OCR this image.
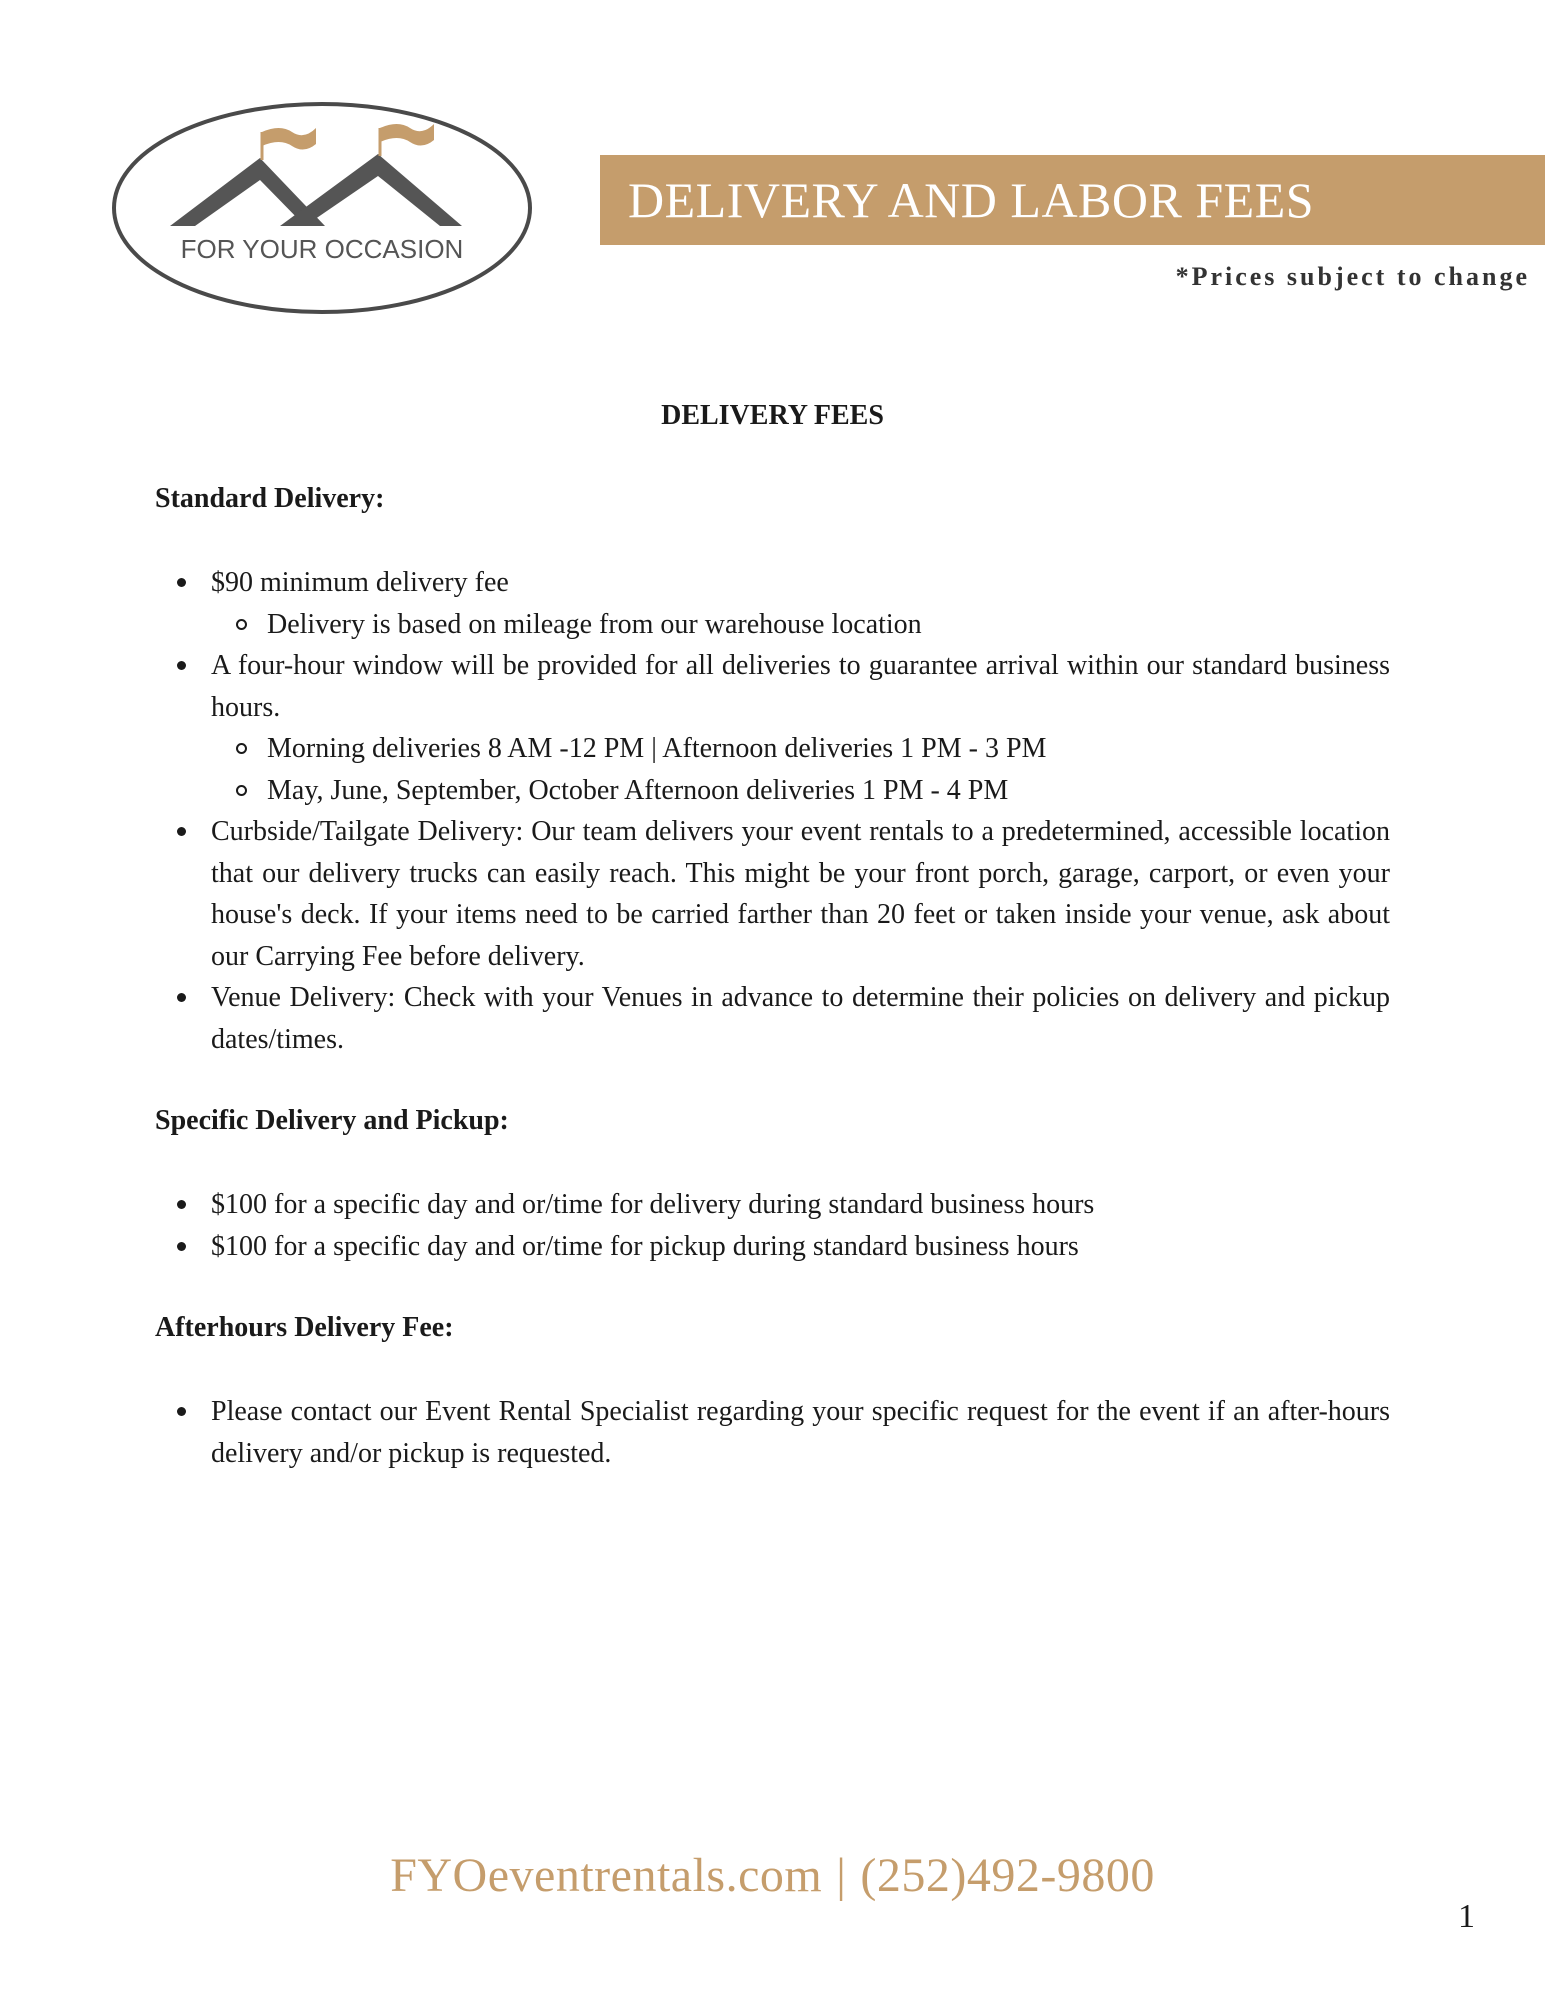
FOR YOUR OCCASION
DELIVERY AND LABOR FEES
*Prices subject to change
DELIVERY FEES
Standard Delivery:
$90 minimum delivery fee
Delivery is based on mileage from our warehouse location
A four-hour window will be provided for all deliveries to guarantee arrival within our standard business hours.
Morning deliveries 8 AM -12 PM | Afternoon deliveries 1 PM - 3 PM
May, June, September, October Afternoon deliveries 1 PM - 4 PM
Curbside/Tailgate Delivery: Our team delivers your event rentals to a predetermined, accessible location that our delivery trucks can easily reach. This might be your front porch, garage, carport, or even your house's deck. If your items need to be carried farther than 20 feet or taken inside your venue, ask about our Carrying Fee before delivery.
Venue Delivery: Check with your Venues in advance to determine their policies on delivery and pickup dates/times.
Specific Delivery and Pickup:
$100 for a specific day and or/time for delivery during standard business hours
$100 for a specific day and or/time for pickup during standard business hours
Afterhours Delivery Fee:
Please contact our Event Rental Specialist regarding your specific request for the event if an after-hours delivery and/or pickup is requested.
FYOeventrentals.com | (252)492-9800
1
